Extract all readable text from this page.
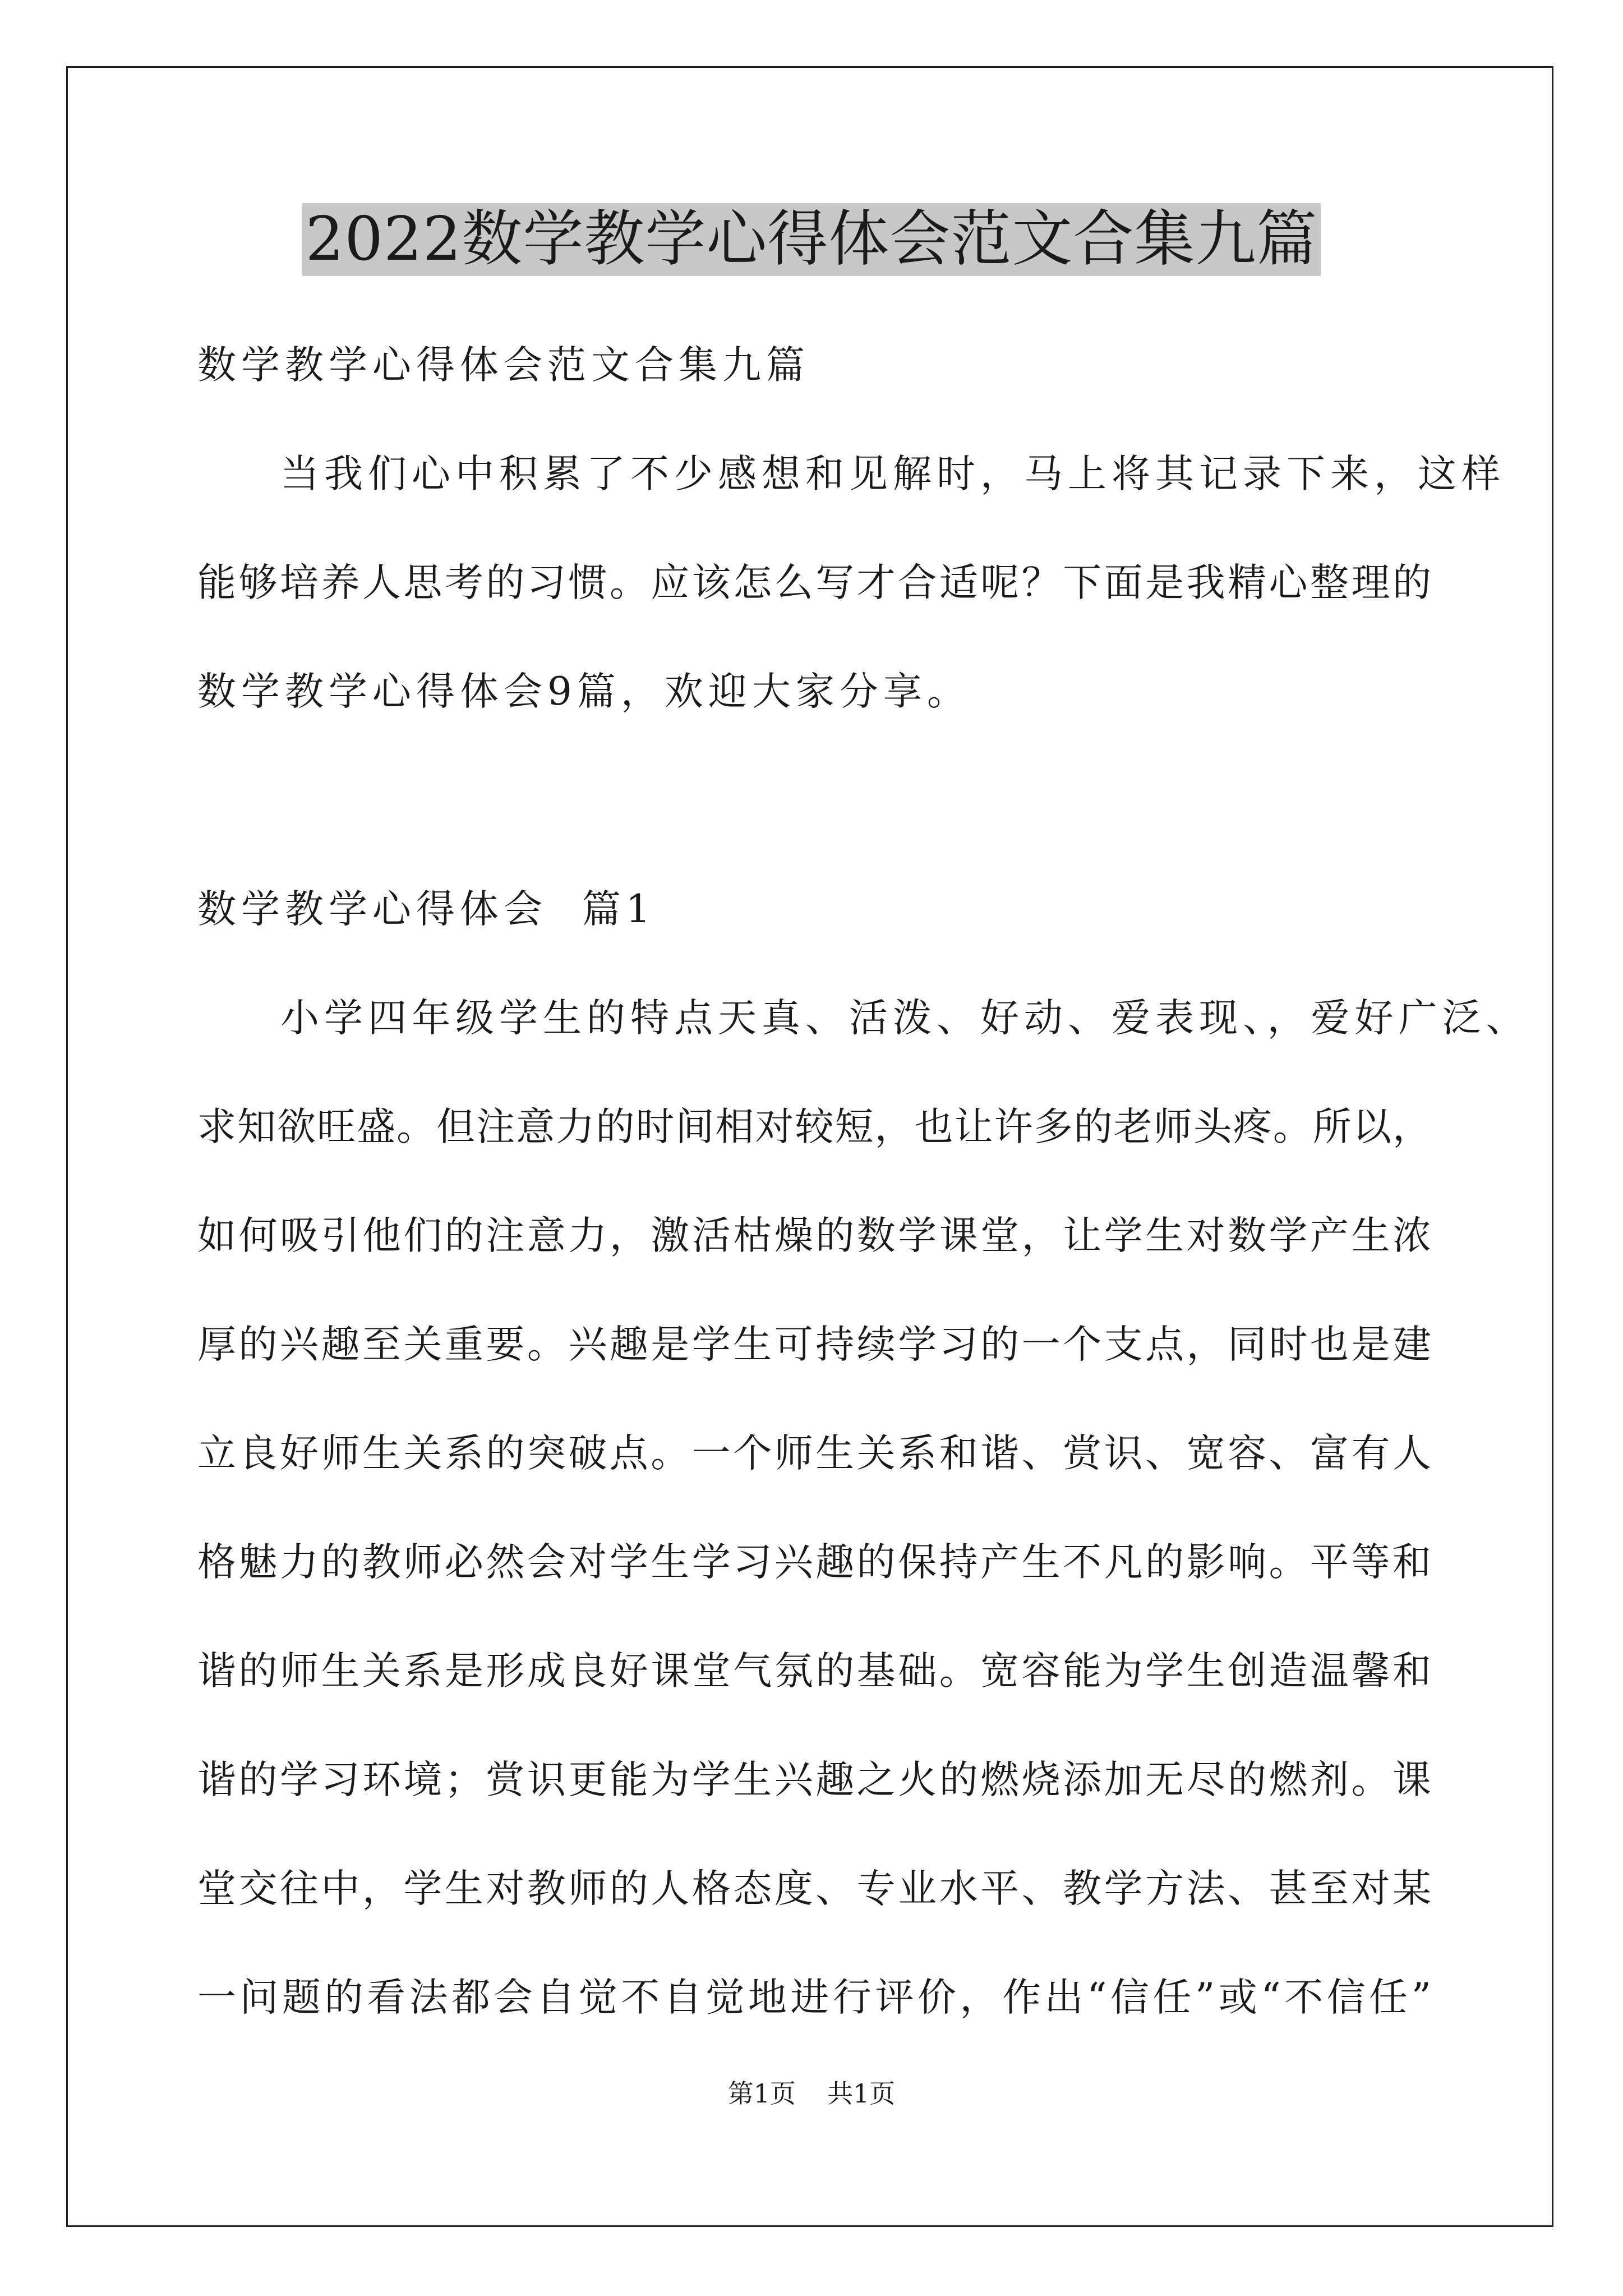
2022数学教学心得体会范文合集九篇
数学教学心得体会范文合集九篇
当我们心中积累了不少感想和见解时，马上将其记录下来，这样
能够培养人思考的习惯。应该怎么写才合适呢？下面是我精心整理的
数学教学心得体会9篇，欢迎大家分享。
数学教学心得体会  篇1
小学四年级学生的特点天真、活泼、好动、爱表现、，爱好广泛、
求知欲旺盛。但注意力的时间相对较短，也让许多的老师头疼。所以，
如何吸引他们的注意力，激活枯燥的数学课堂，让学生对数学产生浓
厚的兴趣至关重要。兴趣是学生可持续学习的一个支点，同时也是建
立良好师生关系的突破点。一个师生关系和谐、赏识、宽容、富有人
格魅力的教师必然会对学生学习兴趣的保持产生不凡的影响。平等和
谐的师生关系是形成良好课堂气氛的基础。宽容能为学生创造温馨和
谐的学习环境；赏识更能为学生兴趣之火的燃烧添加无尽的燃剂。课
堂交往中，学生对教师的人格态度、专业水平、教学方法、甚至对某
一问题的看法都会自觉不自觉地进行评价，作出“信任”或“不信任”
第1页 共1页
